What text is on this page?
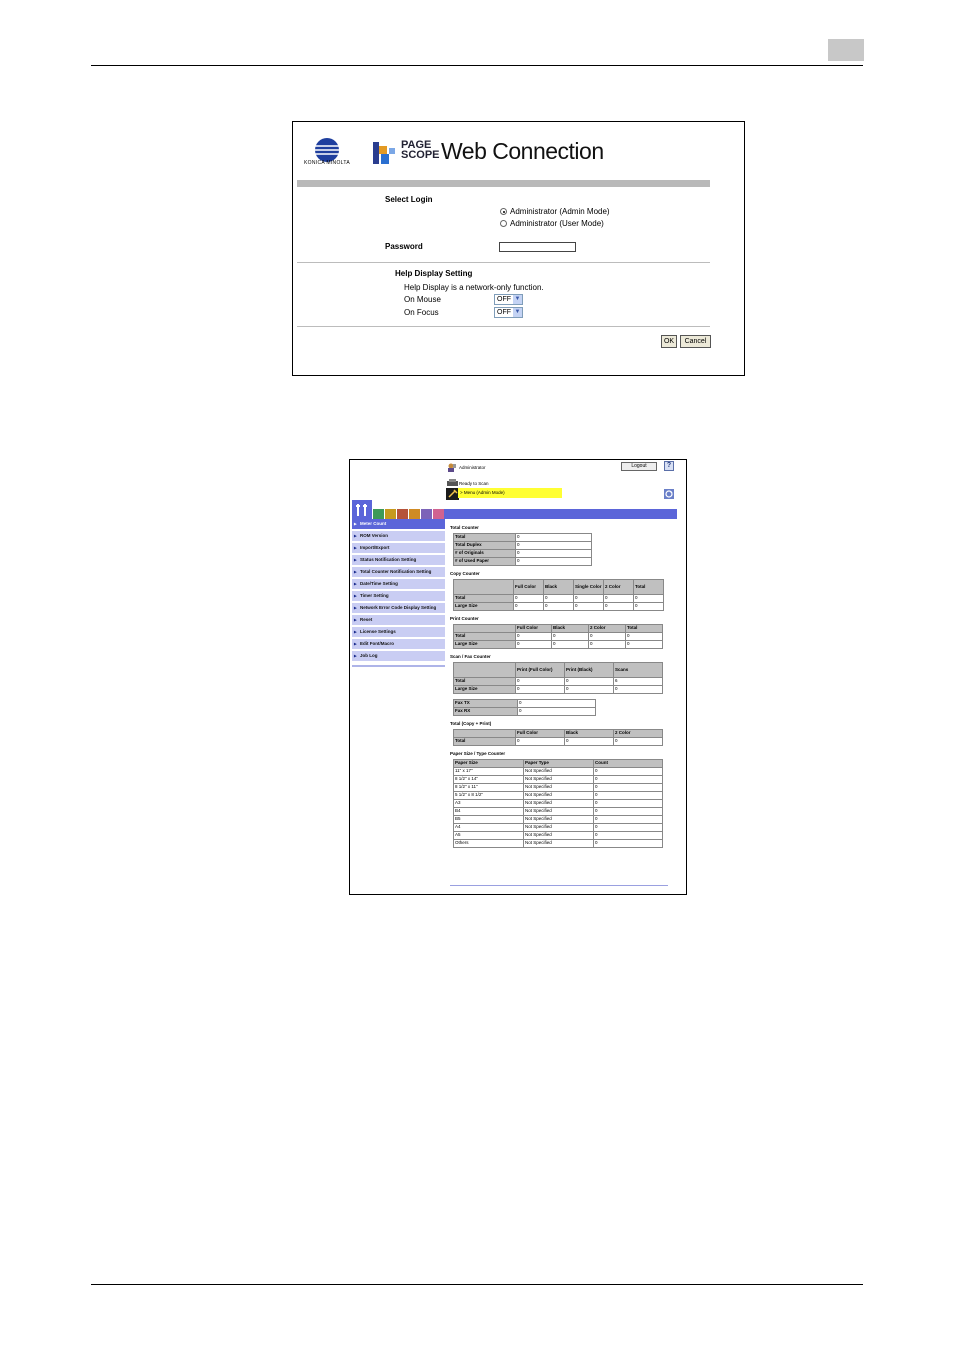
KONICA MINOLTA
PAGE
SCOPE Web Connection
Select Login
Administrator (Admin Mode)
Administrator (User Mode)
Password
Help Display Setting
Help Display is a network-only function.
On Mouse	OFF ▼
On Focus	OFF ▼
OK	Cancel
Administrator	Logout	?
Ready to Scan
> Menu (Admin Mode)
▶ Meter Count
▶ ROM Version
▶ Import/Export
▶ Status Notification Setting
▶ Total Counter Notification Setting
▶ Date/Time Setting
▶ Timer Setting
▶ Network Error Code Display Setting
▶ Reset
▶ License Settings
▶ Edit Font/Macro
▶ Job Log
Total Counter
Total	0
Total Duplex	0
# of Originals	0
# of Used Paper	0
Copy Counter
	Full Color	Black	Single Color	2 Color	Total
Total	0	0	0	0	0
Large Size	0	0	0	0	0
Print Counter
	Full Color	Black	2 Color	Total
Total	0	0	0	0
Large Size	0	0	0	0
Scan / Fax Counter
	Print (Full Color)	Print (Black)	Scans
Total	0	0	6
Large Size	0	0	0
Fax TX	0
Fax RX	0
Total (Copy + Print)
	Full Color	Black	2 Color
Total	0	0	0
Paper Size / Type Counter
Paper Size	Paper Type	Count
11" x 17"	Not Specified	0
8 1/2" x 14"	Not Specified	0
8 1/2" x 11"	Not Specified	0
5 1/2" x 8 1/2"	Not Specified	0
A3	Not Specified	0
B4	Not Specified	0
B5	Not Specified	0
A4	Not Specified	0
A5	Not Specified	0
Others	Not Specified	0
